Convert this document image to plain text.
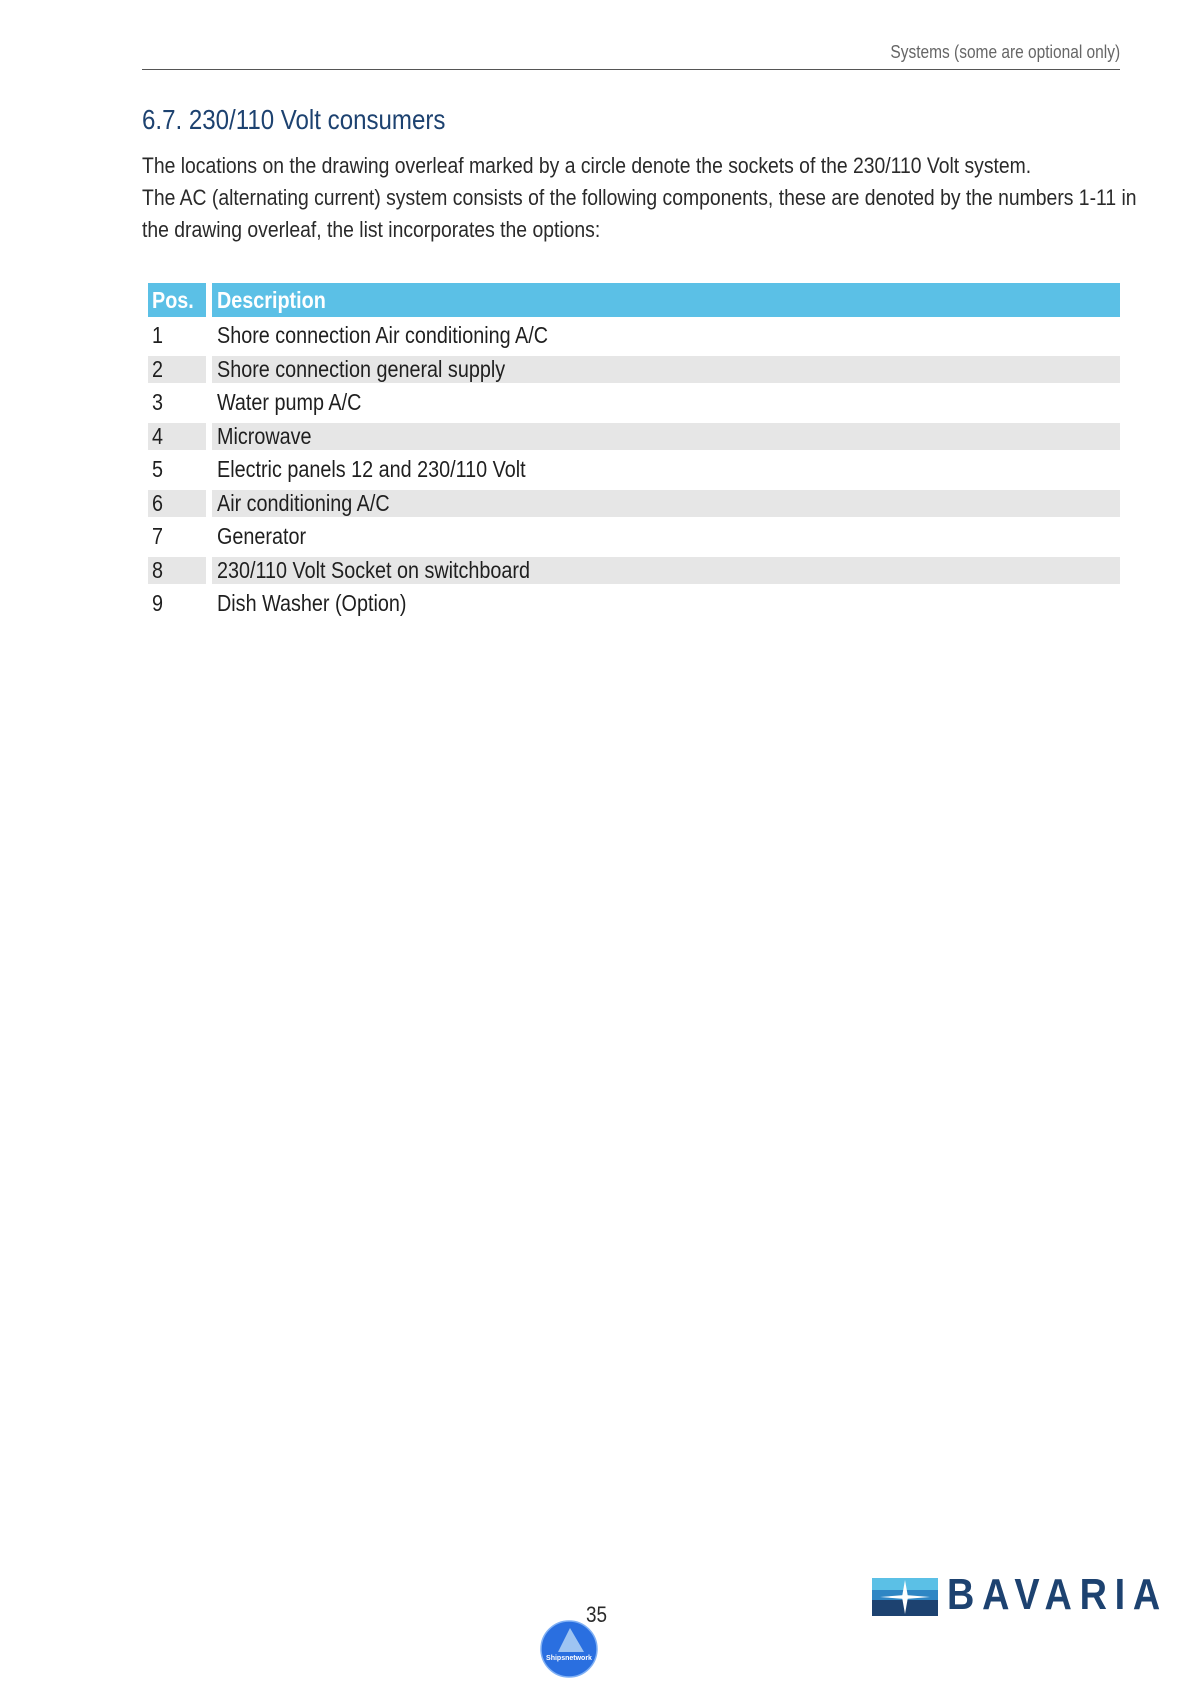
Systems (some are optional only)
6.7. 230/110 Volt consumers
The locations on the drawing overleaf marked by a circle denote the sockets of the 230/110 Volt system.
The AC (alternating current) system consists of the following components, these are denoted by the numbers 1-11 in
the drawing overleaf, the list incorporates the options:
Pos. Description
1 Shore connection Air conditioning A/C
2 Shore connection general supply
3 Water pump A/C
4 Microwave
5 Electric panels 12 and 230/110 Volt
6 Air conditioning A/C
7 Generator
8 230/110 Volt Socket on switchboard
9 Dish Washer (Option)
BAVARIA
35
Shipsnetwork
